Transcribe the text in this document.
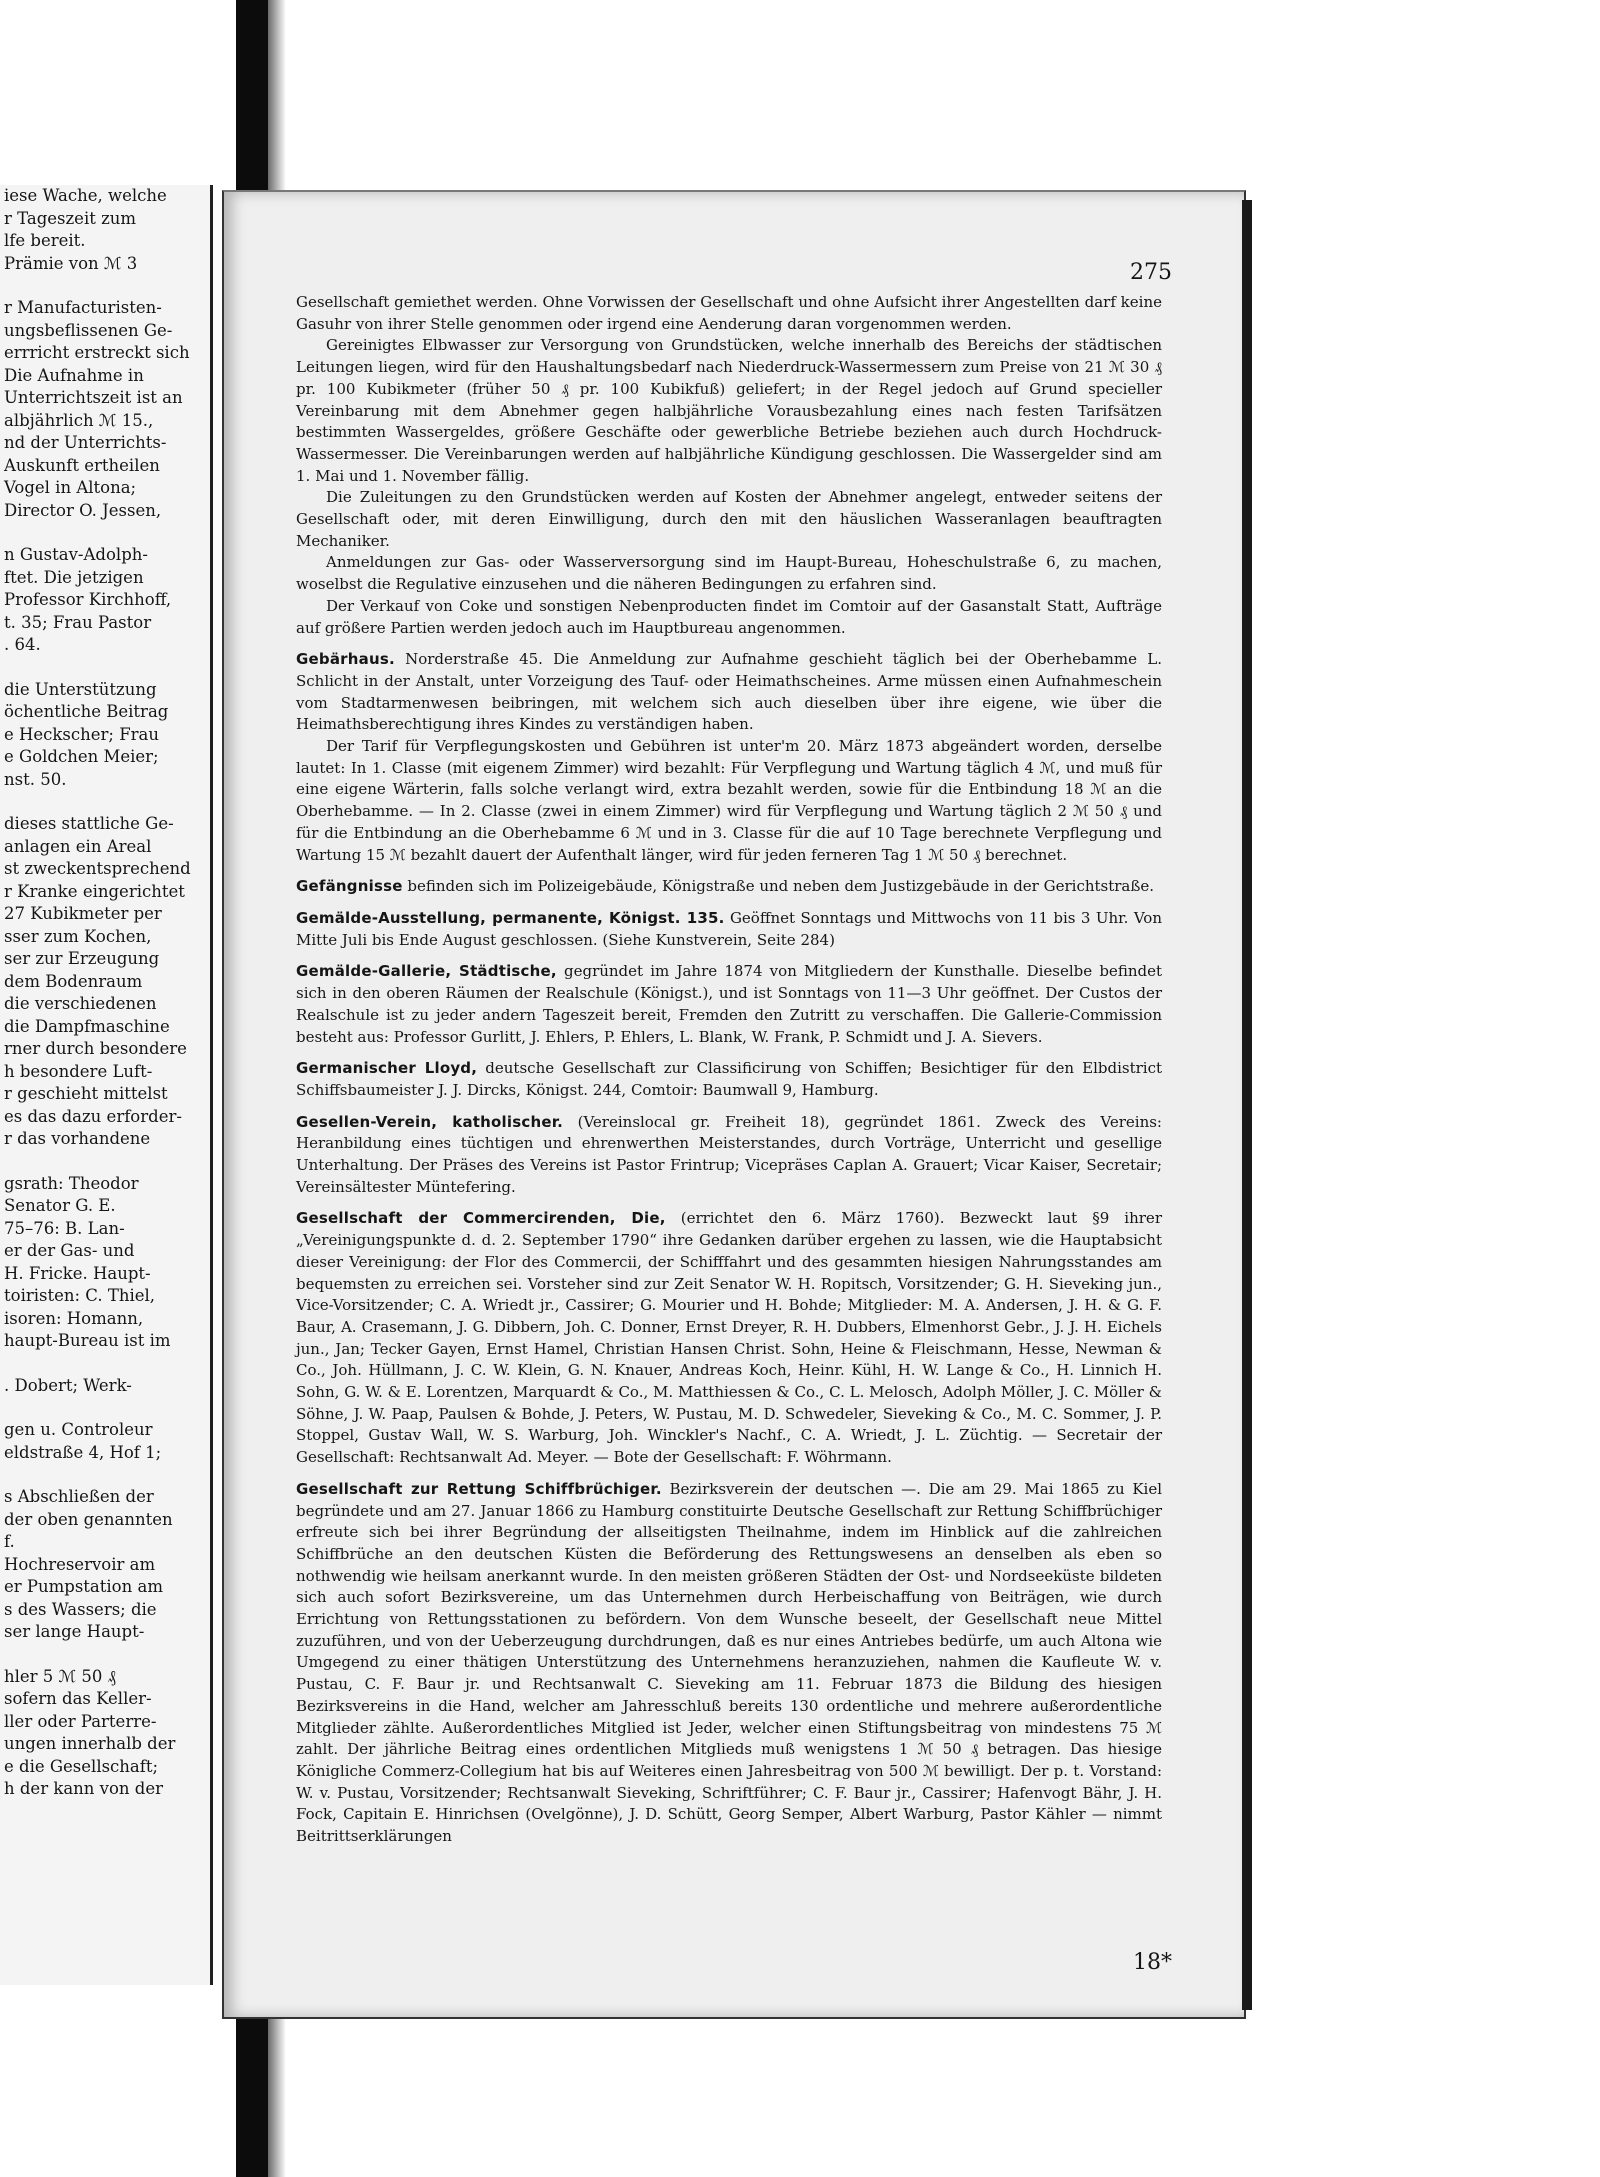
iese Wache, welche
r Tageszeit zum
lfe bereit.
Prämie von ℳ 3
r Manufacturisten-
ungsbeflissenen Ge-
errricht erstreckt sich
Die Aufnahme in
Unterrichtszeit ist an
albjährlich ℳ 15.,
nd der Unterrichts-
Auskunft ertheilen
Vogel in Altona;
Director O. Jessen,
n Gustav-Adolph-
ftet. Die jetzigen
Professor Kirchhoff,
t. 35; Frau Pastor
. 64.
die Unterstützung
öchentliche Beitrag
e Heckscher; Frau
e Goldchen Meier;
nst. 50.
dieses stattliche Ge-
anlagen ein Areal
st zweckentsprechend
r Kranke eingerichtet
27 Kubikmeter per
sser zum Kochen,
ser zur Erzeugung
dem Bodenraum
die verschiedenen
die Dampfmaschine
rner durch besondere
h besondere Luft-
r geschieht mittelst
es das dazu erforder-
r das vorhandene
gsrath: Theodor
Senator G. E.
75–76: B. Lan-
er der Gas- und
H. Fricke. Haupt-
toiristen: C. Thiel,
isoren: Homann,
haupt-Bureau ist im
. Dobert; Werk-
gen u. Controleur
eldstraße 4, Hof 1;
s Abschließen der
der oben genannten
f.
Hochreservoir am
er Pumpstation am
s des Wassers; die
ser lange Haupt-
hler 5 ℳ 50 ₰
sofern das Keller-
ller oder Parterre-
ungen innerhalb der
e die Gesellschaft;
h der kann von der
275

Gesellschaft gemiethet werden. Ohne Vorwissen der Gesellschaft und ohne Aufsicht ihrer Angestellten darf keine Gasuhr von ihrer Stelle genommen oder irgend eine Aenderung daran vorgenommen werden.

Gereinigtes Elbwasser zur Versorgung von Grundstücken, welche innerhalb des Bereichs der städtischen Leitungen liegen, wird für den Haushaltungsbedarf nach Niederdruck-Wassermessern zum Preise von 21 ℳ 30 ₰ pr. 100 Kubikmeter (früher 50 ₰ pr. 100 Kubikfuß) geliefert; in der Regel jedoch auf Grund specieller Vereinbarung mit dem Abnehmer gegen halbjährliche Vorausbezahlung eines nach festen Tarifsätzen bestimmten Wassergeldes, größere Geschäfte oder gewerbliche Betriebe beziehen auch durch Hochdruck-Wassermesser. Die Vereinbarungen werden auf halbjährliche Kündigung geschlossen. Die Wassergelder sind am 1. Mai und 1. November fällig.

Die Zuleitungen zu den Grundstücken werden auf Kosten der Abnehmer angelegt, entweder seitens der Gesellschaft oder, mit deren Einwilligung, durch den mit den häuslichen Wasseranlagen beauftragten Mechaniker.

Anmeldungen zur Gas- oder Wasserversorgung sind im Haupt-Bureau, Hoheschulstraße 6, zu machen, woselbst die Regulative einzusehen und die näheren Bedingungen zu erfahren sind.

Der Verkauf von Coke und sonstigen Nebenproducten findet im Comtoir auf der Gasanstalt Statt, Aufträge auf größere Partien werden jedoch auch im Hauptbureau angenommen.

Gebärhaus. Norderstraße 45. Die Anmeldung zur Aufnahme geschieht täglich bei der Oberhebamme L. Schlicht in der Anstalt, unter Vorzeigung des Tauf- oder Heimathscheines. Arme müssen einen Aufnahmeschein vom Stadtarmenwesen beibringen, mit welchem sich auch dieselben über ihre eigene, wie über die Heimathsberechtigung ihres Kindes zu verständigen haben.

Der Tarif für Verpflegungskosten und Gebühren ist unter'm 20. März 1873 abgeändert worden, derselbe lautet: In 1. Classe (mit eigenem Zimmer) wird bezahlt: Für Verpflegung und Wartung täglich 4 ℳ, und muß für eine eigene Wärterin, falls solche verlangt wird, extra bezahlt werden, sowie für die Entbindung 18 ℳ an die Oberhebamme. — In 2. Classe (zwei in einem Zimmer) wird für Verpflegung und Wartung täglich 2 ℳ 50 ₰ und für die Entbindung an die Oberhebamme 6 ℳ und in 3. Classe für die auf 10 Tage berechnete Verpflegung und Wartung 15 ℳ bezahlt dauert der Aufenthalt länger, wird für jeden ferneren Tag 1 ℳ 50 ₰ berechnet.

Gefängnisse befinden sich im Polizeigebäude, Königstraße und neben dem Justizgebäude in der Gerichtstraße.

Gemälde-Ausstellung, permanente, Königst. 135. Geöffnet Sonntags und Mittwochs von 11 bis 3 Uhr. Von Mitte Juli bis Ende August geschlossen. (Siehe Kunstverein, Seite 284)

Gemälde-Gallerie, Städtische, gegründet im Jahre 1874 von Mitgliedern der Kunsthalle. Dieselbe befindet sich in den oberen Räumen der Realschule (Königst.), und ist Sonntags von 11—3 Uhr geöffnet. Der Custos der Realschule ist zu jeder andern Tageszeit bereit, Fremden den Zutritt zu verschaffen. Die Gallerie-Commission besteht aus: Professor Gurlitt, J. Ehlers, P. Ehlers, L. Blank, W. Frank, P. Schmidt und J. A. Sievers.

Germanischer Lloyd, deutsche Gesellschaft zur Classificirung von Schiffen; Besichtiger für den Elbdistrict Schiffsbaumeister J. J. Dircks, Königst. 244, Comtoir: Baumwall 9, Hamburg.

Gesellen-Verein, katholischer. (Vereinslocal gr. Freiheit 18), gegründet 1861. Zweck des Vereins: Heranbildung eines tüchtigen und ehrenwerthen Meisterstandes, durch Vorträge, Unterricht und gesellige Unterhaltung. Der Präses des Vereins ist Pastor Frintrup; Vicepräses Caplan A. Grauert; Vicar Kaiser, Secretair; Vereinsältester Müntefering.

Gesellschaft der Commercirenden, Die, (errichtet den 6. März 1760). Bezweckt laut §9 ihrer „Vereinigungspunkte d. d. 2. September 1790“ ihre Gedanken darüber ergehen zu lassen, wie die Hauptabsicht dieser Vereinigung: der Flor des Commercii, der Schifffahrt und des gesammten hiesigen Nahrungsstandes am bequemsten zu erreichen sei. Vorsteher sind zur Zeit Senator W. H. Ropitsch, Vorsitzender; G. H. Sieveking jun., Vice-Vorsitzender; C. A. Wriedt jr., Cassirer; G. Mourier und H. Bohde; Mitglieder: M. A. Andersen, J. H. & G. F. Baur, A. Crasemann, J. G. Dibbern, Joh. C. Donner, Ernst Dreyer, R. H. Dubbers, Elmenhorst Gebr., J. J. H. Eichels jun., Jan; Tecker Gayen, Ernst Hamel, Christian Hansen Christ. Sohn, Heine & Fleischmann, Hesse, Newman & Co., Joh. Hüllmann, J. C. W. Klein, G. N. Knauer, Andreas Koch, Heinr. Kühl, H. W. Lange & Co., H. Linnich H. Sohn, G. W. & E. Lorentzen, Marquardt & Co., M. Matthiessen & Co., C. L. Melosch, Adolph Möller, J. C. Möller & Söhne, J. W. Paap, Paulsen & Bohde, J. Peters, W. Pustau, M. D. Schwedeler, Sieveking & Co., M. C. Sommer, J. P. Stoppel, Gustav Wall, W. S. Warburg, Joh. Winckler's Nachf., C. A. Wriedt, J. L. Züchtig. — Secretair der Gesellschaft: Rechtsanwalt Ad. Meyer. — Bote der Gesellschaft: F. Wöhrmann.

Gesellschaft zur Rettung Schiffbrüchiger. Bezirksverein der deutschen —. Die am 29. Mai 1865 zu Kiel begründete und am 27. Januar 1866 zu Hamburg constituirte Deutsche Gesellschaft zur Rettung Schiffbrüchiger erfreute sich bei ihrer Begründung der allseitigsten Theilnahme, indem im Hinblick auf die zahlreichen Schiffbrüche an den deutschen Küsten die Beförderung des Rettungswesens an denselben als eben so nothwendig wie heilsam anerkannt wurde. In den meisten größeren Städten der Ost- und Nordseeküste bildeten sich auch sofort Bezirksvereine, um das Unternehmen durch Herbeischaffung von Beiträgen, wie durch Errichtung von Rettungsstationen zu befördern. Von dem Wunsche beseelt, der Gesellschaft neue Mittel zuzuführen, und von der Ueberzeugung durchdrungen, daß es nur eines Antriebes bedürfe, um auch Altona wie Umgegend zu einer thätigen Unterstützung des Unternehmens heranzuziehen, nahmen die Kaufleute W. v. Pustau, C. F. Baur jr. und Rechtsanwalt C. Sieveking am 11. Februar 1873 die Bildung des hiesigen Bezirksvereins in die Hand, welcher am Jahresschluß bereits 130 ordentliche und mehrere außerordentliche Mitglieder zählte. Außerordentliches Mitglied ist Jeder, welcher einen Stiftungsbeitrag von mindestens 75 ℳ zahlt. Der jährliche Beitrag eines ordentlichen Mitglieds muß wenigstens 1 ℳ 50 ₰ betragen. Das hiesige Königliche Commerz-Collegium hat bis auf Weiteres einen Jahresbeitrag von 500 ℳ bewilligt. Der p. t. Vorstand: W. v. Pustau, Vorsitzender; Rechtsanwalt Sieveking, Schriftführer; C. F. Baur jr., Cassirer; Hafenvogt Bähr, J. H. Fock, Capitain E. Hinrichsen (Ovelgönne), J. D. Schütt, Georg Semper, Albert Warburg, Pastor Kähler — nimmt Beitrittserklärungen

18*
